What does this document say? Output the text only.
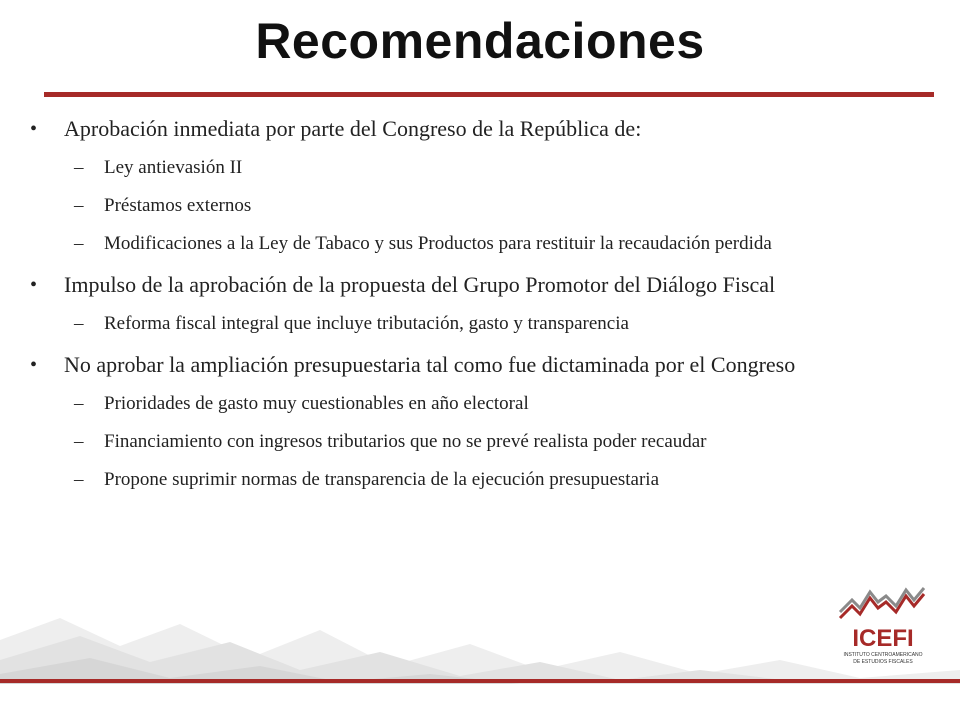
Recomendaciones
• Aprobación inmediata por parte del Congreso de la República de:
– Ley antievasión II
– Préstamos externos
– Modificaciones a la Ley de Tabaco y sus Productos para restituir la recaudación perdida
• Impulso de la aprobación de la propuesta del Grupo Promotor del Diálogo Fiscal
– Reforma fiscal integral que incluye tributación, gasto y transparencia
• No aprobar la ampliación presupuestaria tal como fue dictaminada por el Congreso
– Prioridades de gasto muy cuestionables en año electoral
– Financiamiento con ingresos tributarios que no se prevé realista poder recaudar
– Propone suprimir normas de transparencia de la ejecución presupuestaria
ICEFI
INSTITUTO CENTROAMERICANO
DE ESTUDIOS FISCALES
